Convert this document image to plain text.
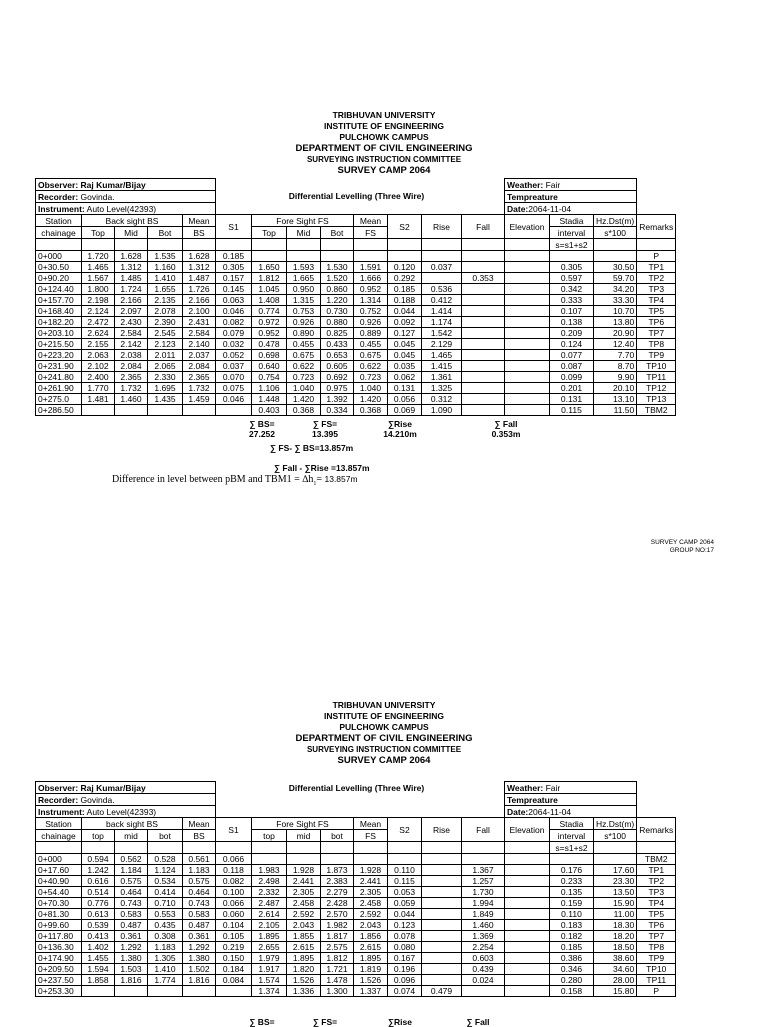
TRIBHUVAN UNIVERSITY
INSTITUTE OF ENGINEERING
PULCHOWK CAMPUS
DEPARTMENT OF CIVIL ENGINEERING
SURVEYING INSTRUCTION COMMITTEE
SURVEY CAMP 2064
Observer: Raj Kumar/Bijay						Differential Levelling (Three Wire)							Weather: Fair			
Recorder: Govinda.													Tempreature			
Instrument: Auto Level(42393)													Date:2064-11-04			
Station	Back sight BS			Mean	S1	Fore Sight FS			Mean	S2	Rise	Fall	Elevation	Stadia	Hz.Dst(m)	Remarks
chainage	Top	Mid	Bot	BS		Top	Mid	Bot	FS					interval	s*100	
														s=s1+s2		
0+000	1.720	1.628	1.535	1.628	0.185											P
0+30.50	1.465	1.312	1.160	1.312	0.305	1.650	1.593	1.530	1.591	0.120	0.037			0.305	30.50	TP1
0+90.20	1.567	1.485	1.410	1.487	0.157	1.812	1.665	1.520	1.666	0.292		0.353		0.597	59.70	TP2
0+124.40	1.800	1.724	1.655	1.726	0.145	1.045	0.950	0.860	0.952	0.185	0.536			0.342	34.20	TP3
0+157.70	2.198	2.166	2.135	2.166	0.063	1.408	1.315	1.220	1.314	0.188	0.412			0.333	33.30	TP4
0+168.40	2.124	2.097	2.078	2.100	0.046	0.774	0.753	0.730	0.752	0.044	1.414			0.107	10.70	TP5
0+182.20	2.472	2.430	2.390	2.431	0.082	0.972	0.926	0.880	0.926	0.092	1.174			0.138	13.80	TP6
0+203.10	2.624	2.584	2.545	2.584	0.079	0.952	0.890	0.825	0.889	0.127	1.542			0.209	20.90	TP7
0+215.50	2.155	2.142	2.123	2.140	0.032	0.478	0.455	0.433	0.455	0.045	2.129			0.124	12.40	TP8
0+223.20	2.063	2.038	2.011	2.037	0.052	0.698	0.675	0.653	0.675	0.045	1.465			0.077	7.70	TP9
0+231.90	2.102	2.084	2.065	2.084	0.037	0.640	0.622	0.605	0.622	0.035	1.415			0.087	8.70	TP10
0+241.80	2.400	2.365	2.330	2.365	0.070	0.754	0.723	0.692	0.723	0.062	1.361			0.099	9.90	TP11
0+261.90	1.770	1.732	1.695	1.732	0.075	1.106	1.040	0.975	1.040	0.131	1.325			0.201	20.10	TP12
0+275.0	1.481	1.460	1.435	1.459	0.046	1.448	1.420	1.392	1.420	0.056	0.312			0.131	13.10	TP13
0+286.50						0.403	0.368	0.334	0.368	0.069	1.090			0.115	11.50	TBM2
∑ BS=
27.252
∑ FS=
13.395
∑Rise
14.210m
∑ Fall
0.353m
∑ FS- ∑ BS=13.857m
∑ Fall - ∑Rise =13.857m
Difference in level between pBM and $TBM1 = \Delta h_1= 13.857m$
SURVEY CAMP 2064
GROUP NO:17
TRIBHUVAN UNIVERSITY
INSTITUTE OF ENGINEERING
PULCHOWK CAMPUS
DEPARTMENT OF CIVIL ENGINEERING
SURVEYING INSTRUCTION COMMITTEE
SURVEY CAMP 2064
Observer: Raj Kumar/Bijay						Differential Levelling (Three Wire)							Weather: Fair			
Recorder: Govinda.													Tempreature			
Instrument: Auto Level(42393)													Date:2064-11-04			
Station	back sight BS			Mean	S1	Fore Sight FS			Mean	S2	Rise	Fall	Elevation	Stadia	Hz.Dst(m)	Remarks
chainage	top	mid	bot	BS		top	mid	bot	FS					interval	s*100	
														s=s1+s2		
0+000	0.594	0.562	0.528	0.561	0.066											TBM2
0+17.60	1.242	1.184	1.124	1.183	0.118	1.983	1.928	1.873	1.928	0.110		1.367		0.176	17.60	TP1
0+40.90	0.616	0.575	0.534	0.575	0.082	2.498	2.441	2.383	2.441	0.115		1.257		0.233	23.30	TP2
0+54.40	0.514	0.464	0.414	0.464	0.100	2.332	2.305	2.279	2.305	0.053		1.730		0.135	13.50	TP3
0+70.30	0.776	0.743	0.710	0.743	0.066	2.487	2.458	2.428	2.458	0.059		1.994		0.159	15.90	TP4
0+81.30	0.613	0.583	0.553	0.583	0.060	2.614	2.592	2.570	2.592	0.044		1.849		0.110	11.00	TP5
0+99.60	0.539	0.487	0.435	0.487	0.104	2.105	2.043	1.982	2.043	0.123		1.460		0.183	18.30	TP6
0+117.80	0.413	0.361	0.308	0.361	0.105	1.895	1.855	1.817	1.856	0.078		1.369		0.182	18.20	TP7
0+136.30	1.402	1.292	1.183	1.292	0.219	2.655	2.615	2.575	2.615	0.080		2.254		0.185	18.50	TP8
0+174.90	1.455	1.380	1.305	1.380	0.150	1.979	1.895	1.812	1.895	0.167		0.603		0.386	38.60	TP9
0+209.50	1.594	1.503	1.410	1.502	0.184	1.917	1.820	1.721	1.819	0.196		0.439		0.346	34.60	TP10
0+237.50	1.858	1.816	1.774	1.816	0.084	1.574	1.526	1.478	1.526	0.096		0.024		0.280	28.00	TP11
0+253.30						1.374	1.336	1.300	1.337	0.074	0.479			0.158	15.80	P
∑ BS=	∑ FS=	∑Rise	∑ Fall
